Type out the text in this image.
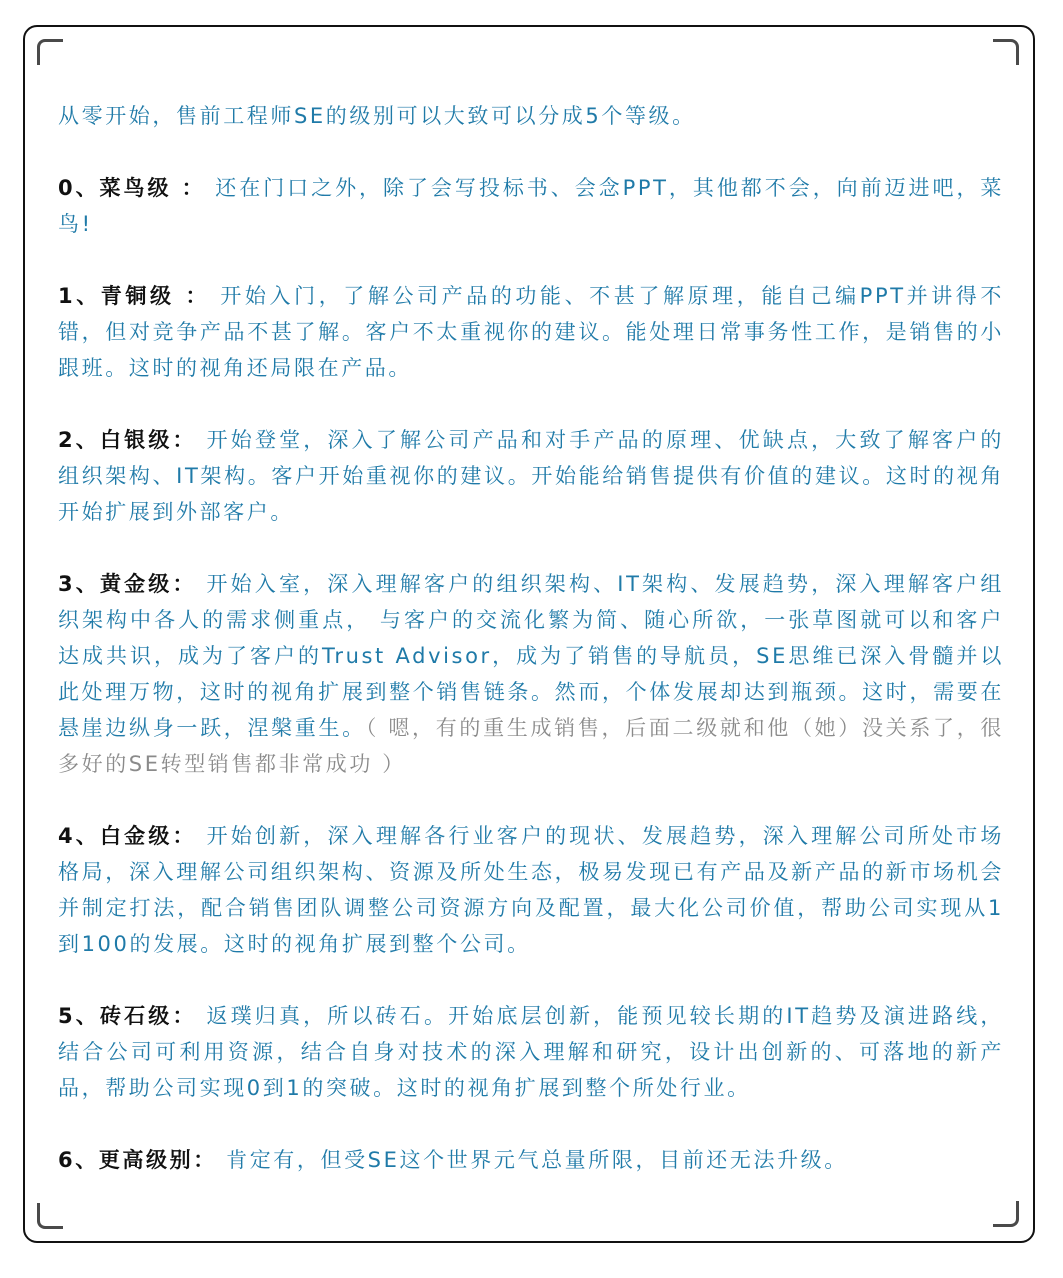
从零开始，售前工程师SE的级别可以大致可以分成5个等级。

0、菜鸟级 ： 还在门口之外，除了会写投标书、会念PPT，其他都不会，向前迈进吧，菜鸟!

1、青铜级 ： 开始入门，了解公司产品的功能、不甚了解原理，能自己编PPT并讲得不错，但对竞争产品不甚了解。客户不太重视你的建议。能处理日常事务性工作，是销售的小跟班。这时的视角还局限在产品。

2、白银级： 开始登堂，深入了解公司产品和对手产品的原理、优缺点，大致了解客户的组织架构、IT架构。客户开始重视你的建议。开始能给销售提供有价值的建议。这时的视角开始扩展到外部客户。

3、黄金级： 开始入室，深入理解客户的组织架构、IT架构、发展趋势，深入理解客户组织架构中各人的需求侧重点， 与客户的交流化繁为简、随心所欲，一张草图就可以和客户达成共识，成为了客户的Trust Advisor，成为了销售的导航员，SE思维已深入骨髓并以此处理万物，这时的视角扩展到整个销售链条。然而，个体发展却达到瓶颈。这时，需要在悬崖边纵身一跃，涅槃重生。（ 嗯，有的重生成销售，后面二级就和他（她）没关系了，很多好的SE转型销售都非常成功 ）

4、白金级： 开始创新，深入理解各行业客户的现状、发展趋势，深入理解公司所处市场格局，深入理解公司组织架构、资源及所处生态，极易发现已有产品及新产品的新市场机会并制定打法，配合销售团队调整公司资源方向及配置，最大化公司价值，帮助公司实现从1到100的发展。这时的视角扩展到整个公司。

5、砖石级： 返璞归真，所以砖石。开始底层创新，能预见较长期的IT趋势及演进路线，结合公司可利用资源，结合自身对技术的深入理解和研究，设计出创新的、可落地的新产品，帮助公司实现0到1的突破。这时的视角扩展到整个所处行业。

6、更高级别： 肯定有，但受SE这个世界元气总量所限，目前还无法升级。
